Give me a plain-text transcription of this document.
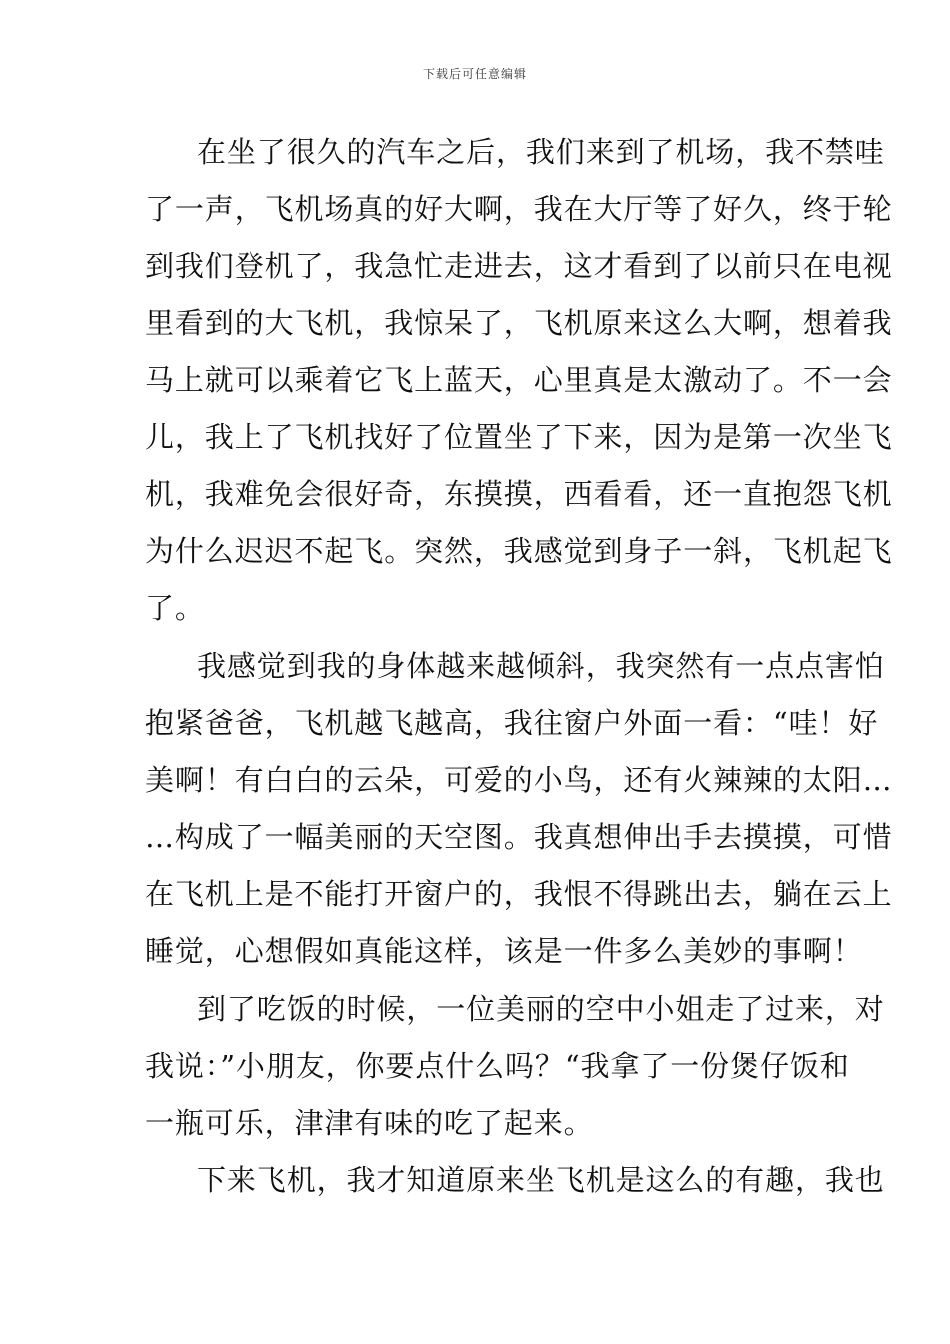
下载后可任意编辑
在坐了很久的汽车之后，我们来到了机场，我不禁哇
了一声，飞机场真的好大啊，我在大厅等了好久，终于轮
到我们登机了，我急忙走进去，这才看到了以前只在电视
里看到的大飞机，我惊呆了，飞机原来这么大啊，想着我
马上就可以乘着它飞上蓝天，心里真是太激动了。不一会
儿，我上了飞机找好了位置坐了下来，因为是第一次坐飞
机，我难免会很好奇，东摸摸，西看看，还一直抱怨飞机
为什么迟迟不起飞。突然，我感觉到身子一斜，飞机起飞
了。
我感觉到我的身体越来越倾斜，我突然有一点点害怕
抱紧爸爸，飞机越飞越高，我往窗户外面一看：“哇！好
美啊！有白白的云朵，可爱的小鸟，还有火辣辣的太阳…
…构成了一幅美丽的天空图。我真想伸出手去摸摸，可惜
在飞机上是不能打开窗户的，我恨不得跳出去，躺在云上
睡觉，心想假如真能这样，该是一件多么美妙的事啊！
到了吃饭的时候，一位美丽的空中小姐走了过来，对
我说：”小朋友，你要点什么吗？“我拿了一份煲仔饭和
一瓶可乐，津津有味的吃了起来。
下来飞机，我才知道原来坐飞机是这么的有趣，我也
